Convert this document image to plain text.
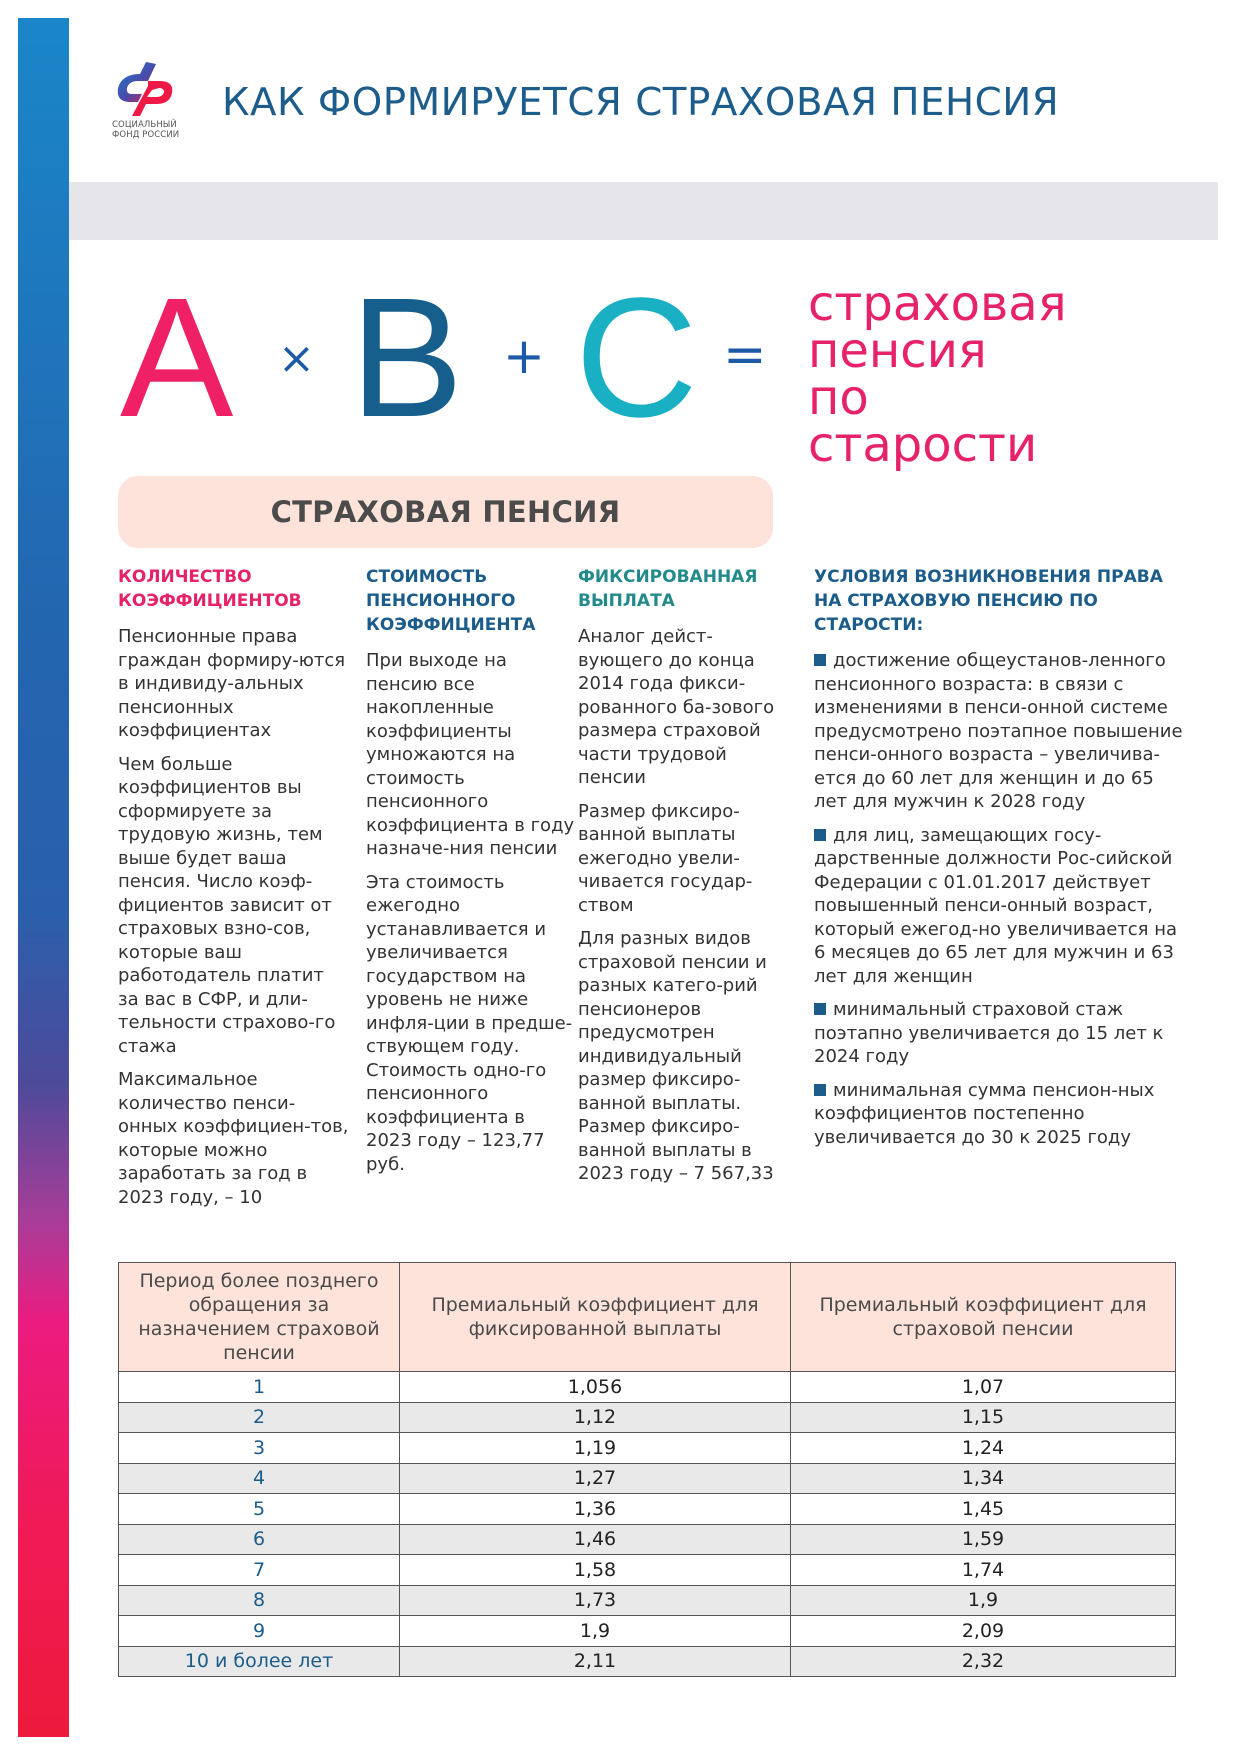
СОЦИАЛЬНЫЙ
ФОНД РОССИИ
КАК ФОРМИРУЕТСЯ СТРАХОВАЯ ПЕНСИЯ
A × B + C =
страховая
пенсия
по старости
СТРАХОВАЯ ПЕНСИЯ
КОЛИЧЕСТВО КОЭФФИЦИЕНТОВ

Пенсионные права граждан формиру-ются в индивиду-альных пенсионных коэффициентах

Чем больше коэффициентов вы сформируете за трудовую жизнь, тем выше будет ваша пенсия. Число коэф-фициентов зависит от страховых взно-сов, которые ваш работодатель платит за вас в СФР, и дли-тельности страхово-го стажа

Максимальное количество пенси-онных коэффициен-тов, которые можно заработать за год в 2023 году, – 10

СТОИМОСТЬ ПЕНСИОННОГО КОЭФФИЦИЕНТА

При выходе на пенсию все накопленные коэффициенты умножаются на стоимость пенсионного коэффициента в году назначе-ния пенсии

Эта стоимость ежегодно устанавливается и увеличивается государством на уровень не ниже инфля-ции в предше-ствующем году. Стоимость одно-го пенсионного коэффициента в 2023 году – 123,77 руб.

ФИКСИРОВАННАЯ ВЫПЛАТА

Аналог дейст-вующего до конца 2014 года фикси-рованного ба-зового размера страховой части трудовой пенсии

Размер фиксиро-ванной выплаты ежегодно увели-чивается государ-ством

Для разных видов страховой пенсии и разных катего-рий пенсионеров предусмотрен индивидуальный размер фиксиро-ванной выплаты. Размер фиксиро-ванной выплаты в 2023 году – 7 567,33

УСЛОВИЯ ВОЗНИКНОВЕНИЯ ПРАВА НА СТРАХОВУЮ ПЕНСИЮ ПО СТАРОСТИ:

достижение общеустанов-ленного пенсионного возраста: в связи с изменениями в пенси-онной системе предусмотрено поэтапное повышение пенси-онного возраста – увеличива-ется до 60 лет для женщин и до 65 лет для мужчин к 2028 году

для лиц, замещающих госу-дарственные должности Рос-сийской Федерации с 01.01.2017 действует повышенный пенси-онный возраст, который ежегод-но увеличивается на 6 месяцев до 65 лет для мужчин и 63 лет для женщин

минимальный страховой стаж поэтапно увеличивается до 15 лет к 2024 году

минимальная сумма пенсион-ных коэффициентов постепенно увеличивается до 30 к 2025 году

Период более позднего обращения за назначением страховой пенсии	Премиальный коэффициент для фиксированной выплаты	Премиальный коэффициент для страховой пенсии
1	1,056	1,07
2	1,12	1,15
3	1,19	1,24
4	1,27	1,34
5	1,36	1,45
6	1,46	1,59
7	1,58	1,74
8	1,73	1,9
9	1,9	2,09
10 и более лет	2,11	2,32
